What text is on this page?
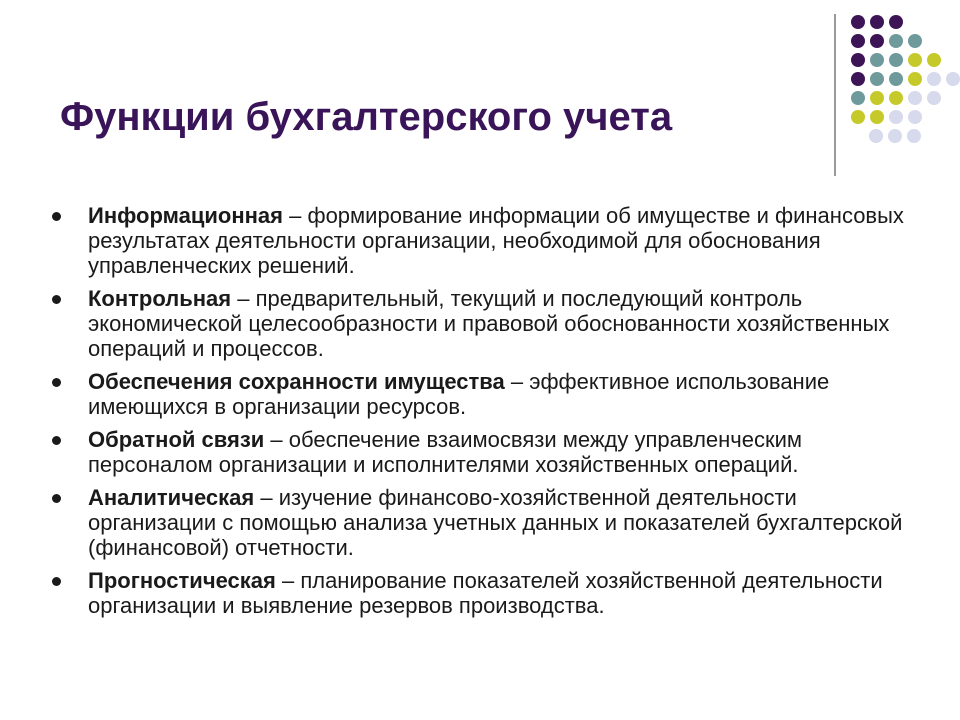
Функции бухгалтерского учета
Информационная – формирование информации об имуществе и финансовых результатах деятельности организации, необходимой для обоснования управленческих решений.
Контрольная – предварительный, текущий и последующий контроль экономической целесообразности и правовой обоснованности хозяйственных операций и процессов.
Обеспечения сохранности имущества – эффективное использование имеющихся в организации ресурсов.
Обратной связи – обеспечение взаимосвязи между управленческим персоналом организации и исполнителями хозяйственных операций.
Аналитическая – изучение финансово-хозяйственной деятельности организации с помощью анализа учетных данных и показателей бухгалтерской (финансовой) отчетности.
Прогностическая – планирование показателей хозяйственной деятельности организации и выявление резервов производства.
